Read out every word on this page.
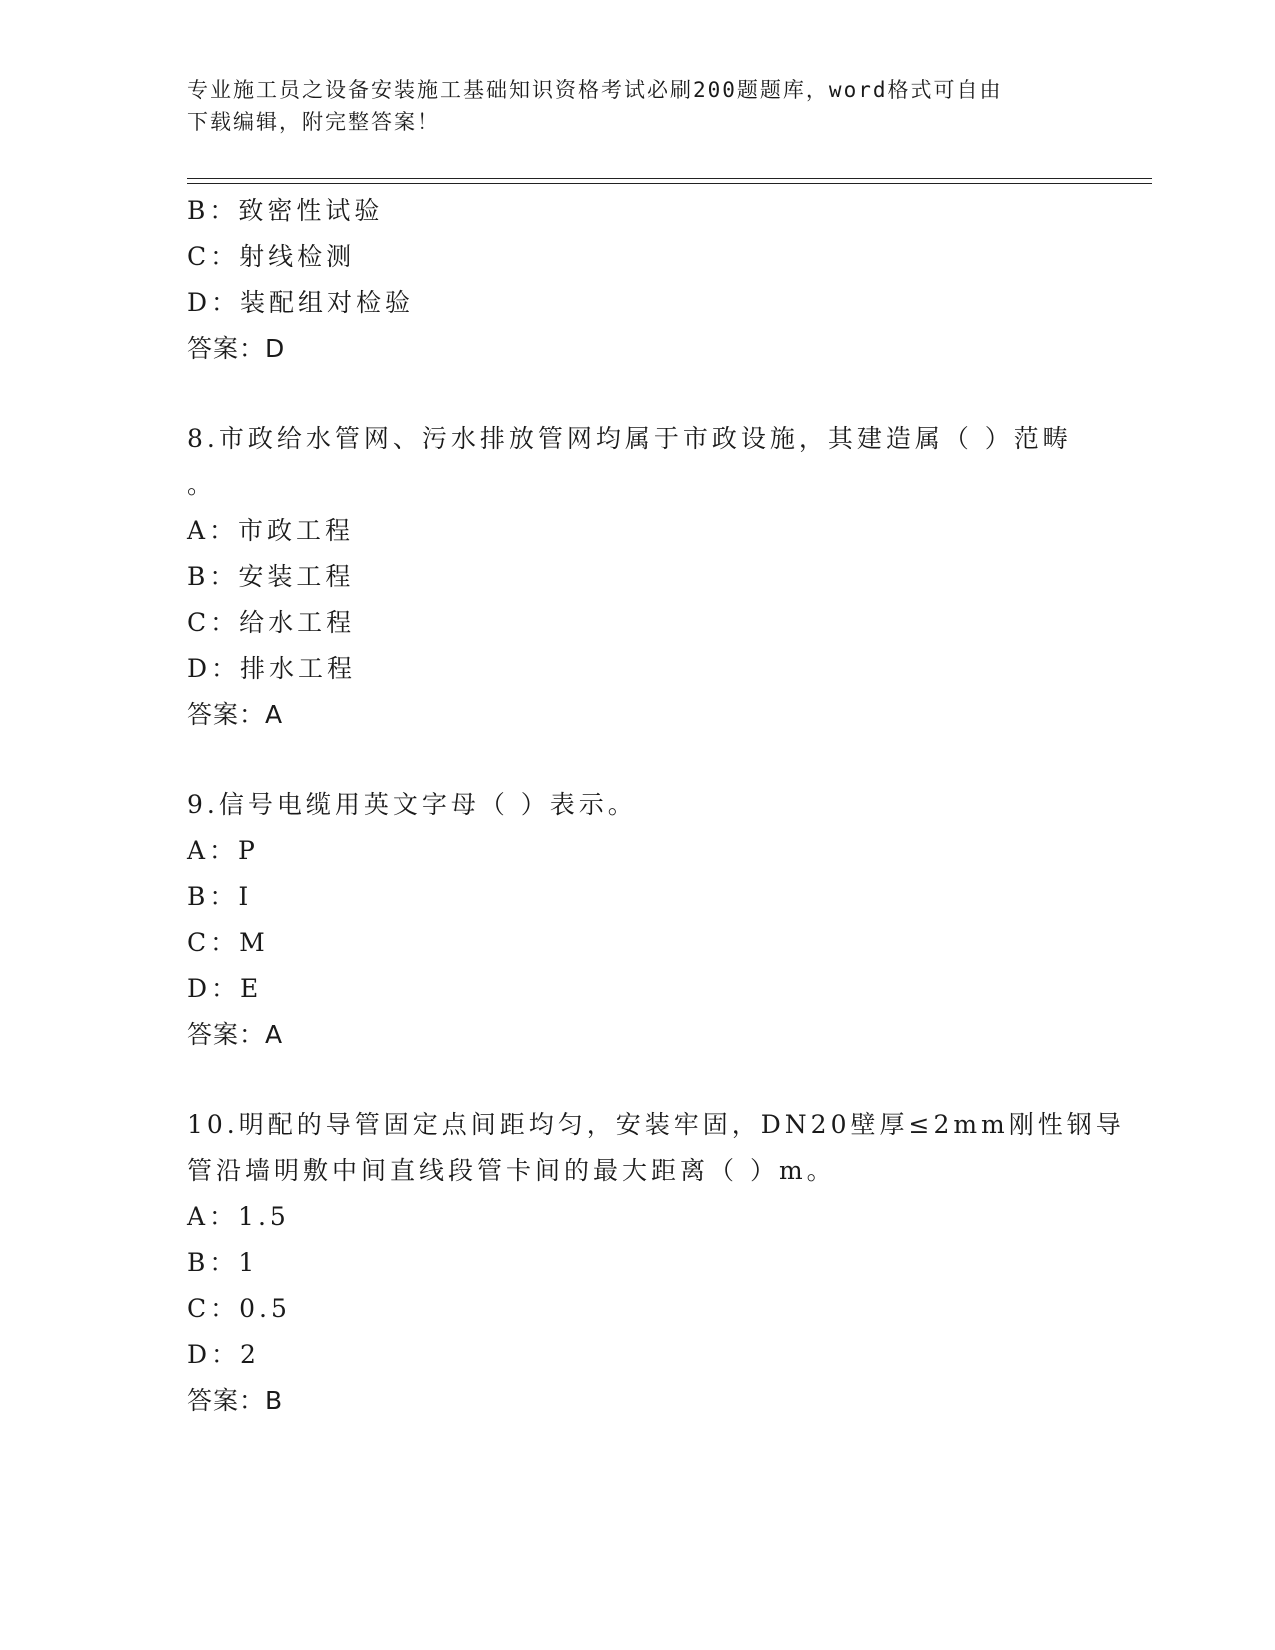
专业施工员之设备安装施工基础知识资格考试必刷200题题库，word格式可自由
下载编辑，附完整答案！
B：致密性试验
C：射线检测
D：装配组对检验
答案：D
8.市政给水管网、污水排放管网均属于市政设施，其建造属（ ）范畴
。
A：市政工程
B：安装工程
C：给水工程
D：排水工程
答案：A
9.信号电缆用英文字母（ ）表示。
A：P
B：I
C：M
D：E
答案：A
10.明配的导管固定点间距均匀，安装牢固，DN20壁厚≤2mm刚性钢导
管沿墙明敷中间直线段管卡间的最大距离（ ）m。
A：1.5
B：1
C：0.5
D：2
答案：B
